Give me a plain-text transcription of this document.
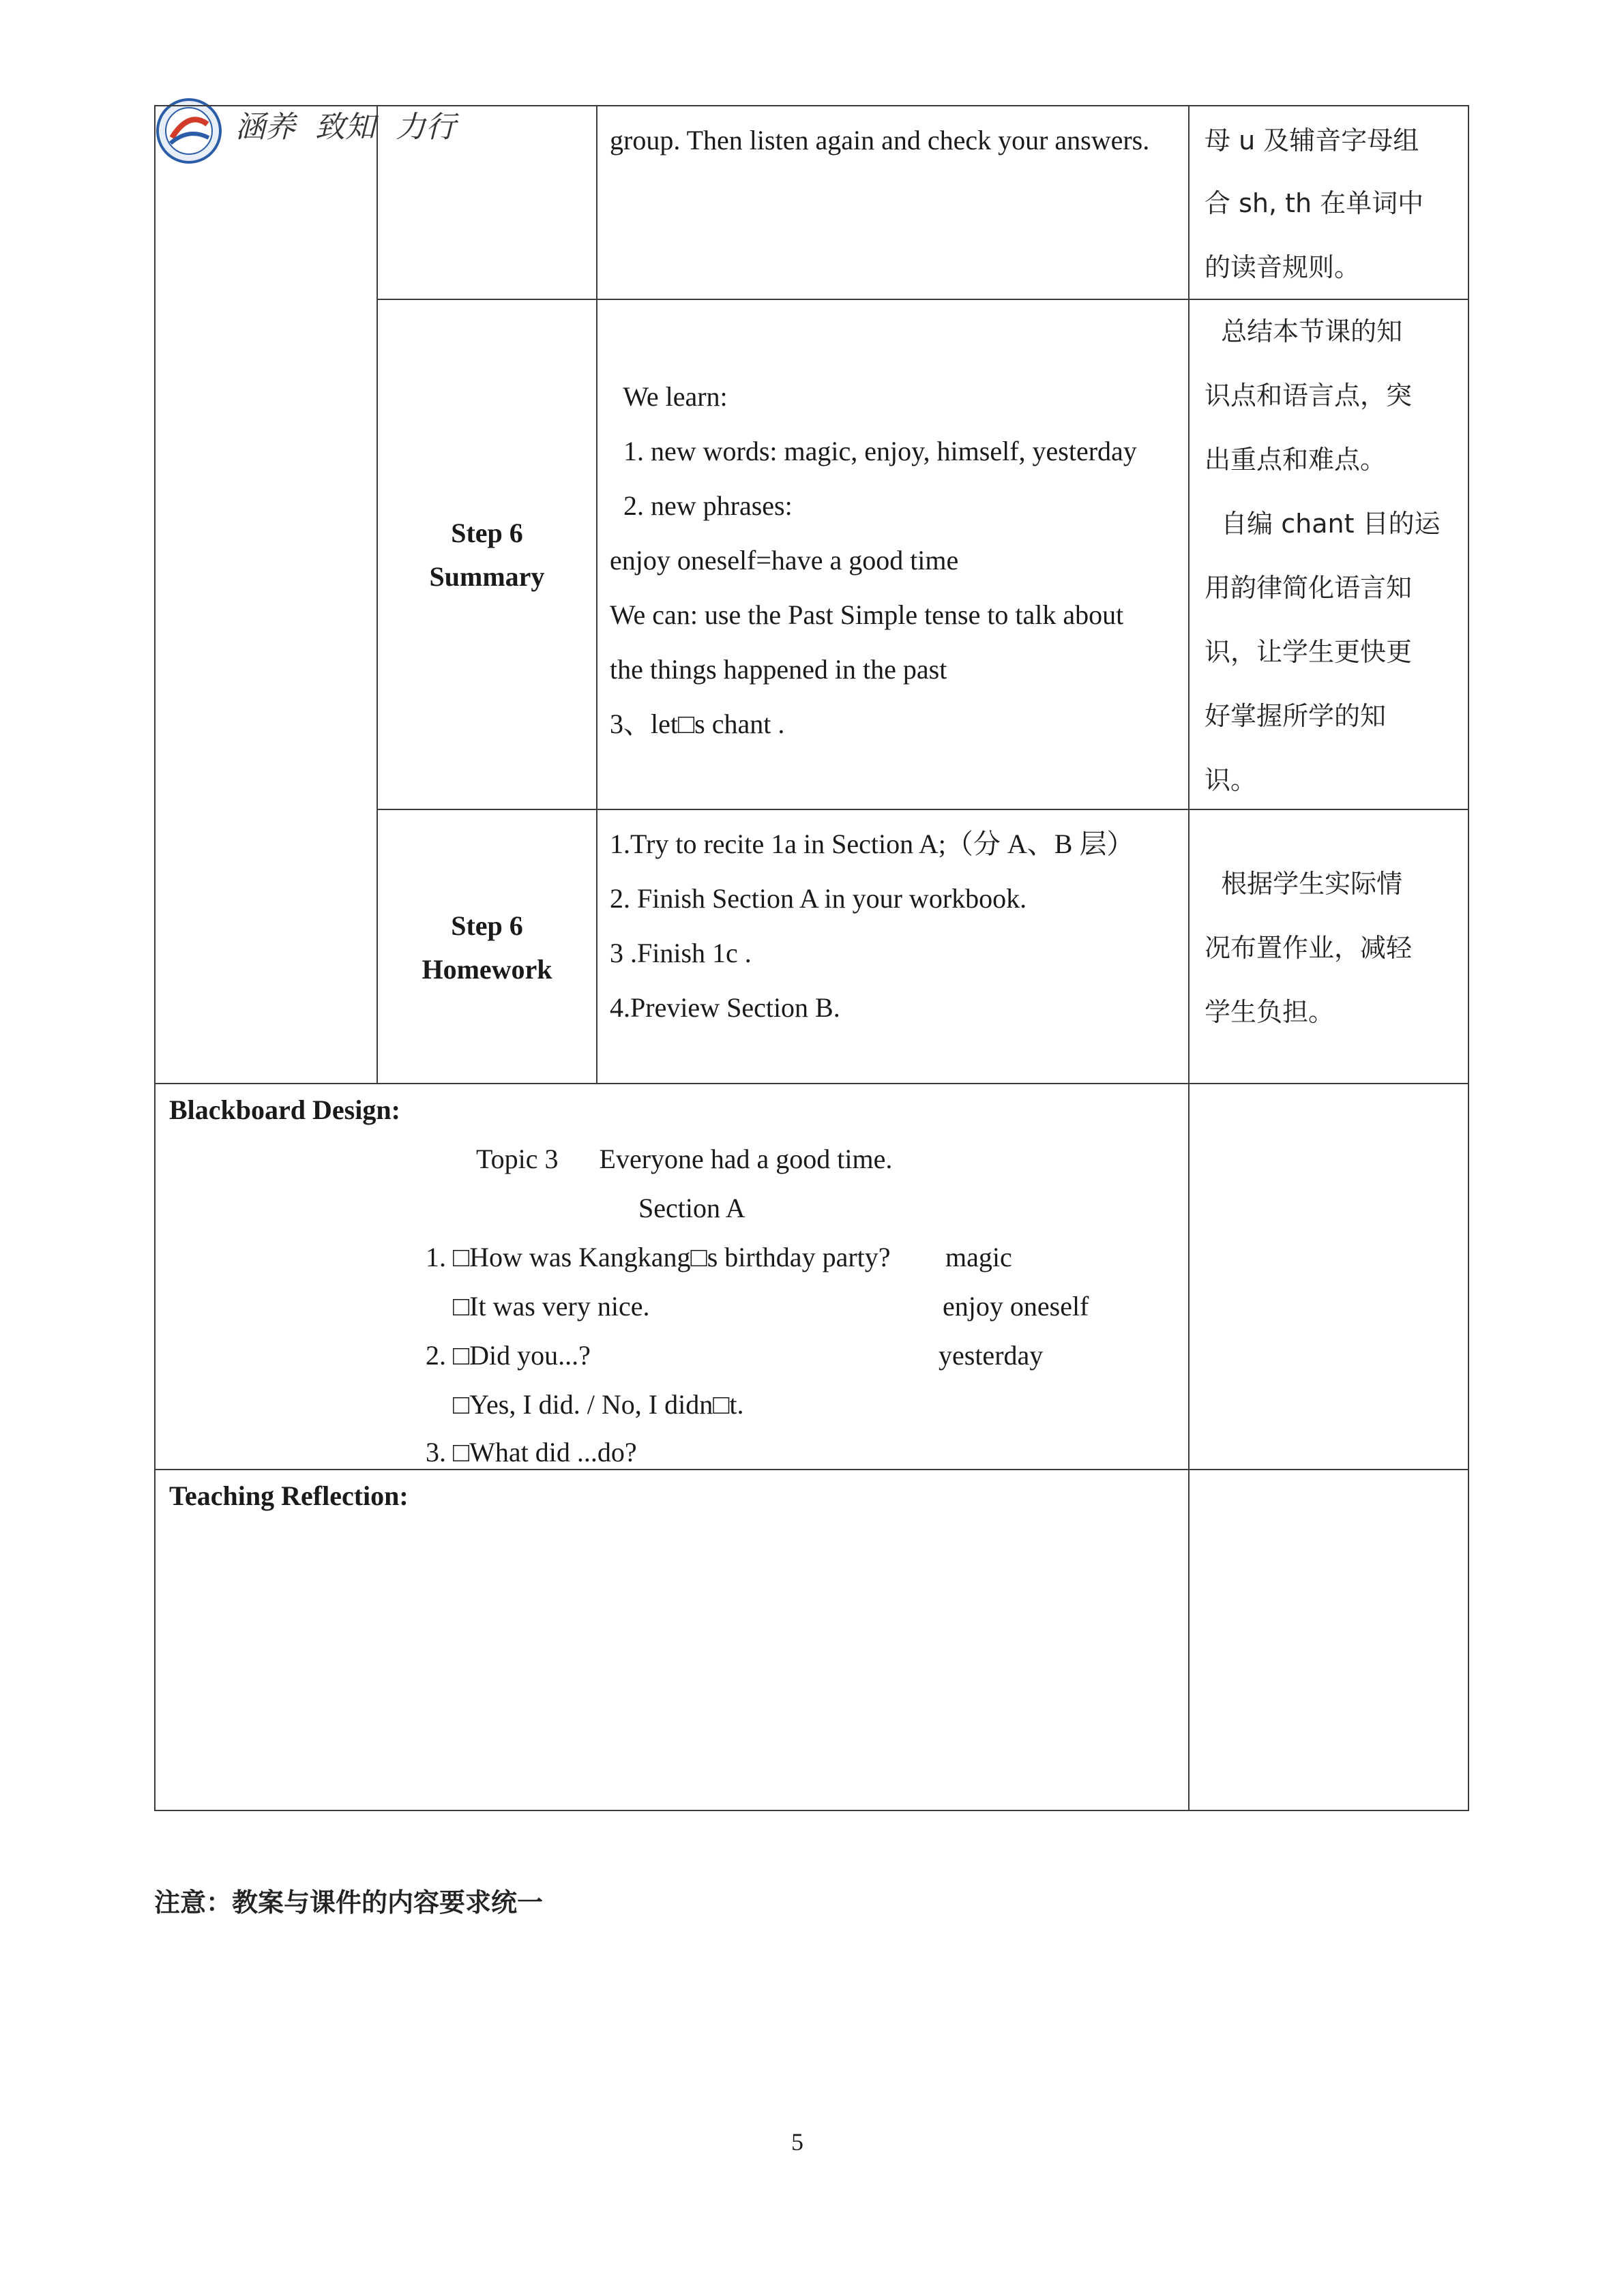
涵养 致知 力行	group. Then listen again and check your answers. 母 u 及辅音字母组
合 sh, th 在单词中
的读音规则。
Step 6
Summary
We learn:
1. new words: magic, enjoy, himself, yesterday
2. new phrases:
enjoy oneself=have a good time
We can: use the Past Simple tense to talk about
the things happened in the past
3、let□s chant .
总结本节课的知
识点和语言点，突
出重点和难点。
自编 chant 目的运
用韵律简化语言知
识，让学生更快更
好掌握所学的知
识。
Step 6
Homework
1.Try to recite 1a in Section A;（分 A、B 层）
2. Finish Section A in your workbook.
3 .Finish 1c .
4.Preview Section B.
根据学生实际情
况布置作业，减轻
学生负担。
Blackboard Design:
Topic 3      Everyone had a good time.
Section A
1. □How was Kangkang□s birthday party?
□It was very nice.
2. □Did you...?
□Yes, I did. / No, I didn□t.
3. □What did ...do?
magic
enjoy oneself
yesterday
Teaching Reflection:
注意：教案与课件的内容要求统一
5
